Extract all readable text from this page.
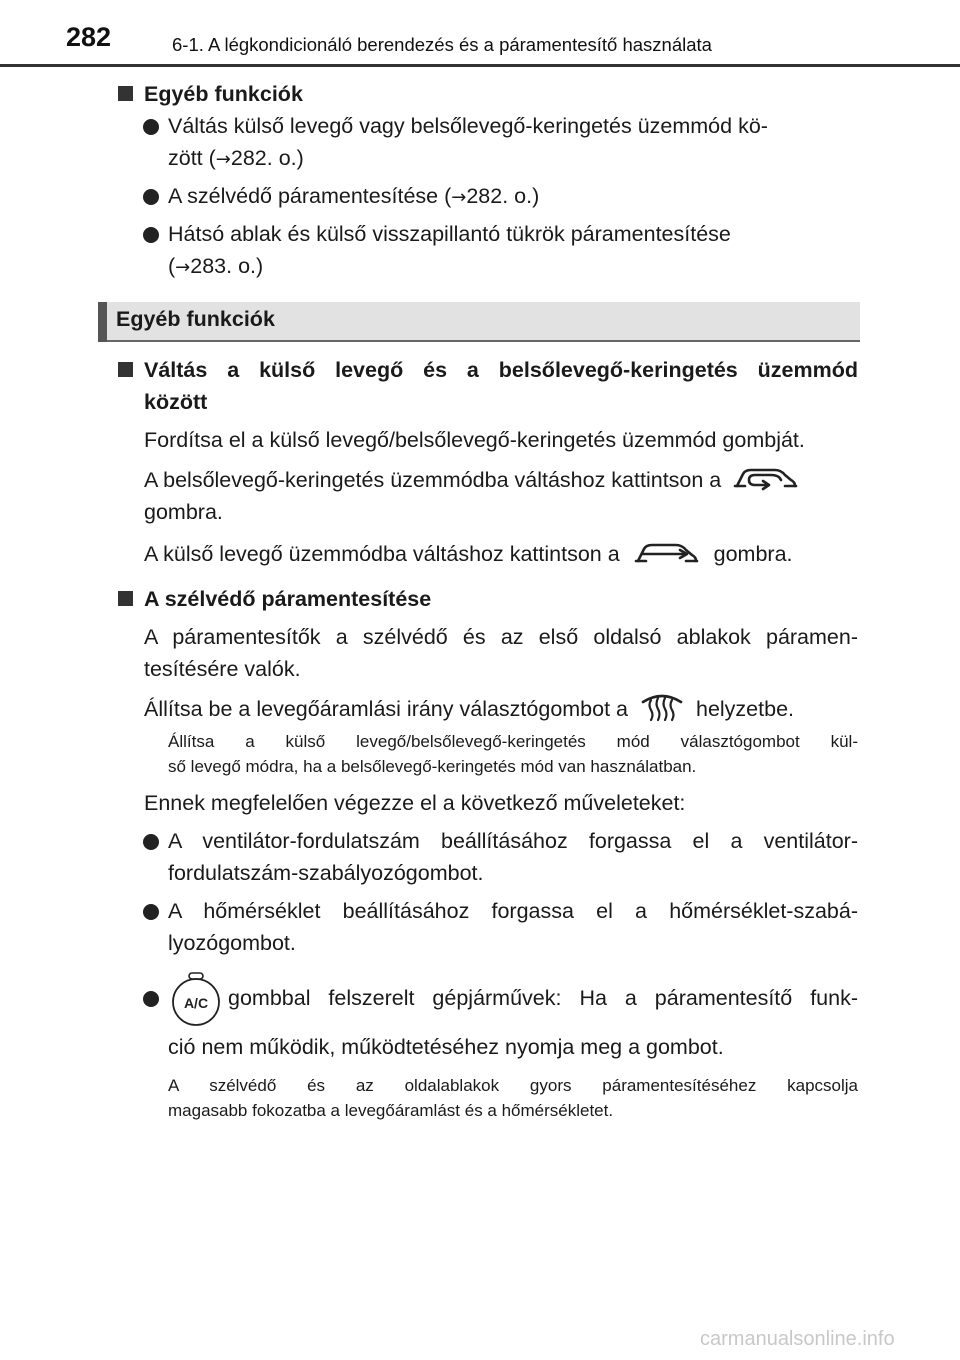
282	6-1. A légkondicionáló berendezés és a páramentesítő használata
Egyéb funkciók
Váltás külső levegő vagy belsőlevegő-keringetés üzemmód kö-
zött (→282. o.)
A szélvédő páramentesítése (→282. o.)
Hátsó ablak és külső visszapillantó tükrök páramentesítése
(→283. o.)
Egyéb funkciók
Váltás a külső levegő és a belsőlevegő-keringetés üzemmód
között
Fordítsa el a külső levegő/belsőlevegő-keringetés üzemmód gombját.
A belsőlevegő-keringetés üzemmódba váltáshoz kattintson a
gombra.
A külső levegő üzemmódba váltáshoz kattintson a	gombra.
A szélvédő páramentesítése
A páramentesítők a szélvédő és az első oldalsó ablakok páramen-
tesítésére valók.
Állítsa be a levegőáramlási irány választógombot a	helyzetbe.
Állítsa a külső levegő/belsőlevegő-keringetés mód választógombot kül-
ső levegő módra, ha a belsőlevegő-keringetés mód van használatban.
Ennek megfelelően végezze el a következő műveleteket:
A ventilátor-fordulatszám beállításához forgassa el a ventilátor-
fordulatszám-szabályozógombot.
A hőmérséklet beállításához forgassa el a hőmérséklet-szabá-
lyozógombot.
A/C gombbal felszerelt gépjárművek: Ha a páramentesítő funk-
ció nem működik, működtetéséhez nyomja meg a gombot.
A szélvédő és az oldalablakok gyors páramentesítéséhez kapcsolja
magasabb fokozatba a levegőáramlást és a hőmérsékletet.
carmanualsonline.info
